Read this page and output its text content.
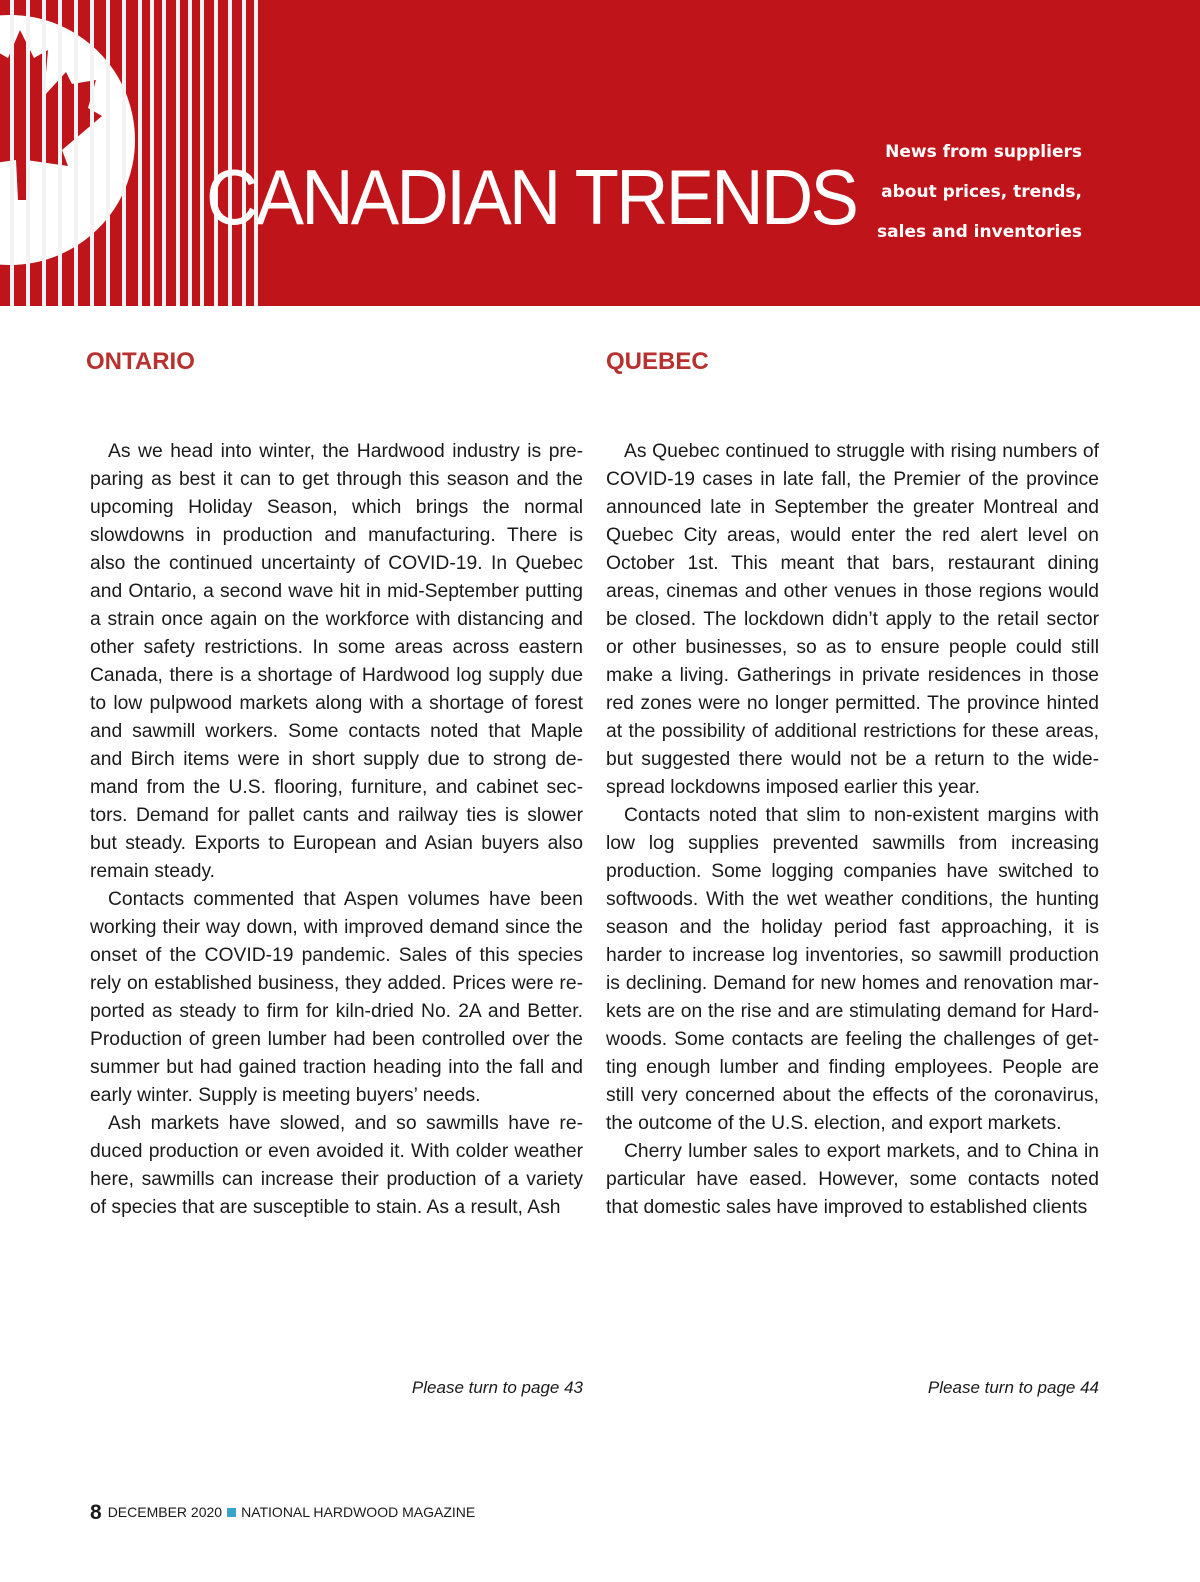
CANADIAN TRENDS
News from suppliers
about prices, trends,
sales and inventories
ONTARIO

As we head into winter, the Hardwood industry is preparing as best it can to get through this season and the upcoming Holiday Season, which brings the normal slowdowns in production and manufacturing. There is also the continued uncertainty of COVID-19. In Quebec and Ontario, a second wave hit in mid-September putting a strain once again on the workforce with distancing and other safety restrictions. In some areas across eastern Canada, there is a shortage of Hardwood log supply due to low pulpwood markets along with a shortage of forest and sawmill workers. Some contacts noted that Maple and Birch items were in short supply due to strong demand from the U.S. flooring, furniture, and cabinet sectors. Demand for pallet cants and railway ties is slower but steady. Exports to European and Asian buyers also remain steady.

Contacts commented that Aspen volumes have been working their way down, with improved demand since the onset of the COVID-19 pandemic. Sales of this species rely on established business, they added. Prices were reported as steady to firm for kiln-dried No. 2A and Better. Production of green lumber had been controlled over the summer but had gained traction heading into the fall and early winter. Supply is meeting buyers’ needs.

Ash markets have slowed, and so sawmills have reduced production or even avoided it. With colder weather here, sawmills can increase their production of a variety of species that are susceptible to stain. As a result, Ash

QUEBEC

As Quebec continued to struggle with rising numbers of COVID-19 cases in late fall, the Premier of the province announced late in September the greater Montreal and Quebec City areas, would enter the red alert level on October 1st. This meant that bars, restaurant dining areas, cinemas and other venues in those regions would be closed. The lockdown didn’t apply to the retail sector or other businesses, so as to ensure people could still make a living. Gatherings in private residences in those red zones were no longer permitted. The province hinted at the possibility of additional restrictions for these areas, but suggested there would not be a return to the widespread lockdowns imposed earlier this year.

Contacts noted that slim to non-existent margins with low log supplies prevented sawmills from increasing production. Some logging companies have switched to softwoods. With the wet weather conditions, the hunting season and the holiday period fast approaching, it is harder to increase log inventories, so sawmill production is declining. Demand for new homes and renovation markets are on the rise and are stimulating demand for Hardwoods. Some contacts are feeling the challenges of getting enough lumber and finding employees. People are still very concerned about the effects of the coronavirus, the outcome of the U.S. election, and export markets.

Cherry lumber sales to export markets, and to China in particular have eased. However, some contacts noted that domestic sales have improved to established clients

Please turn to page 43	Please turn to page 44
8 DECEMBER 2020 NATIONAL HARDWOOD MAGAZINE
